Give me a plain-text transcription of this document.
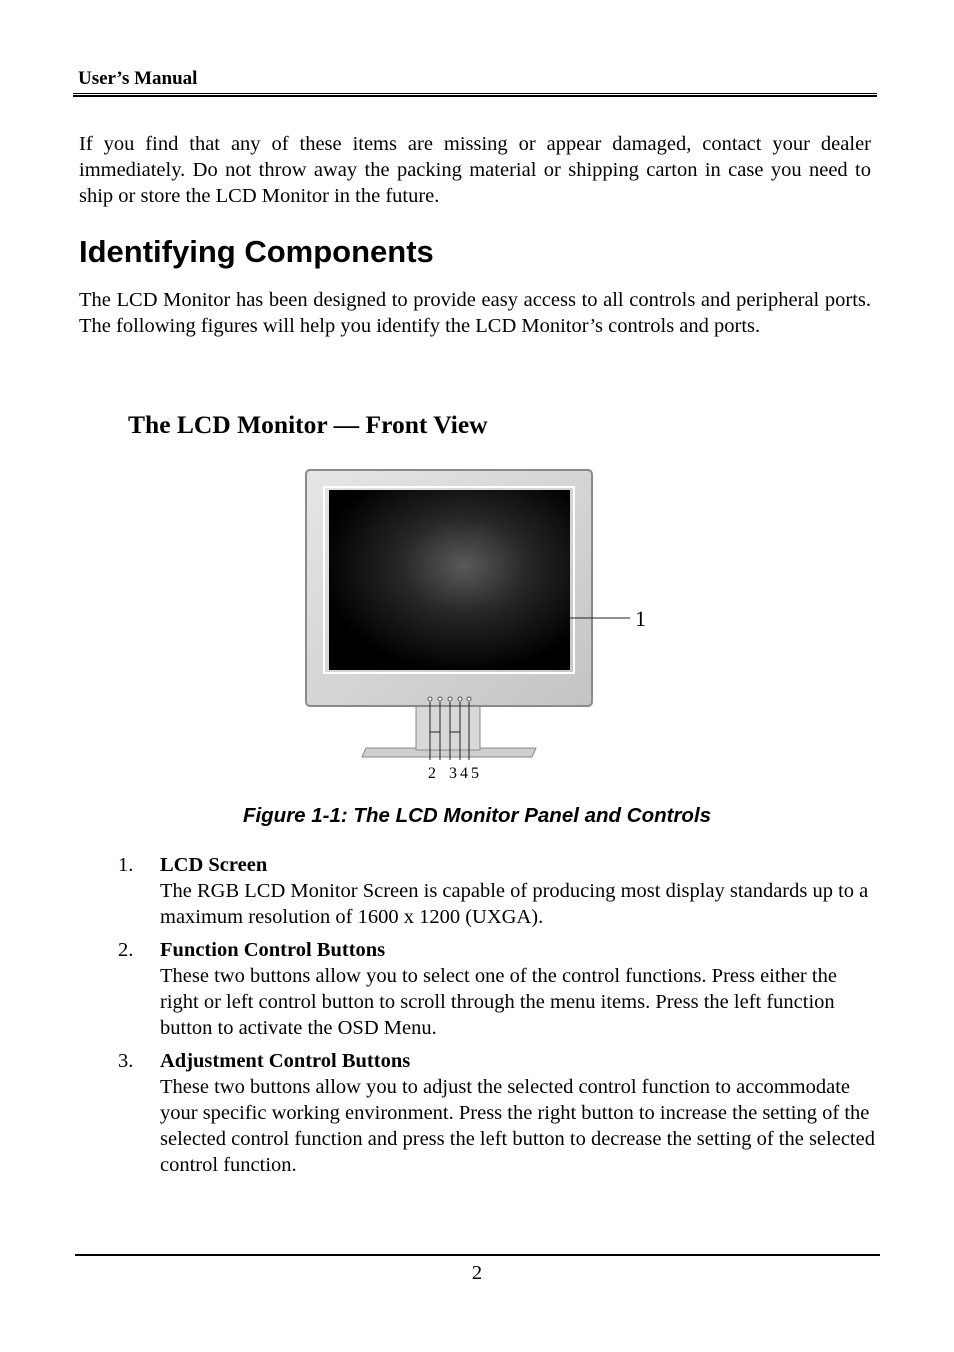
User’s Manual

If you find that any of these items are missing or appear damaged, contact your dealer immediately. Do not throw away the packing material or shipping carton in case you need to ship or store the LCD Monitor in the future.

Identifying Components

The LCD Monitor has been designed to provide easy access to all controls and peripheral ports. The following figures will help you identify the LCD Monitor’s controls and ports.

The LCD Monitor — Front View
1
2 3 4 5
Figure 1-1: The LCD Monitor Panel and Controls
1. LCD Screen
The RGB LCD Monitor Screen is capable of producing most display standards up to a maximum resolution of 1600 x 1200 (UXGA).
2. Function Control Buttons
These two buttons allow you to select one of the control functions. Press either the right or left control button to scroll through the menu items. Press the left function button to activate the OSD Menu.
3. Adjustment Control Buttons
These two buttons allow you to adjust the selected control function to accommodate your specific working environment. Press the right button to increase the setting of the selected control function and press the left button to decrease the setting of the selected control function.
2
